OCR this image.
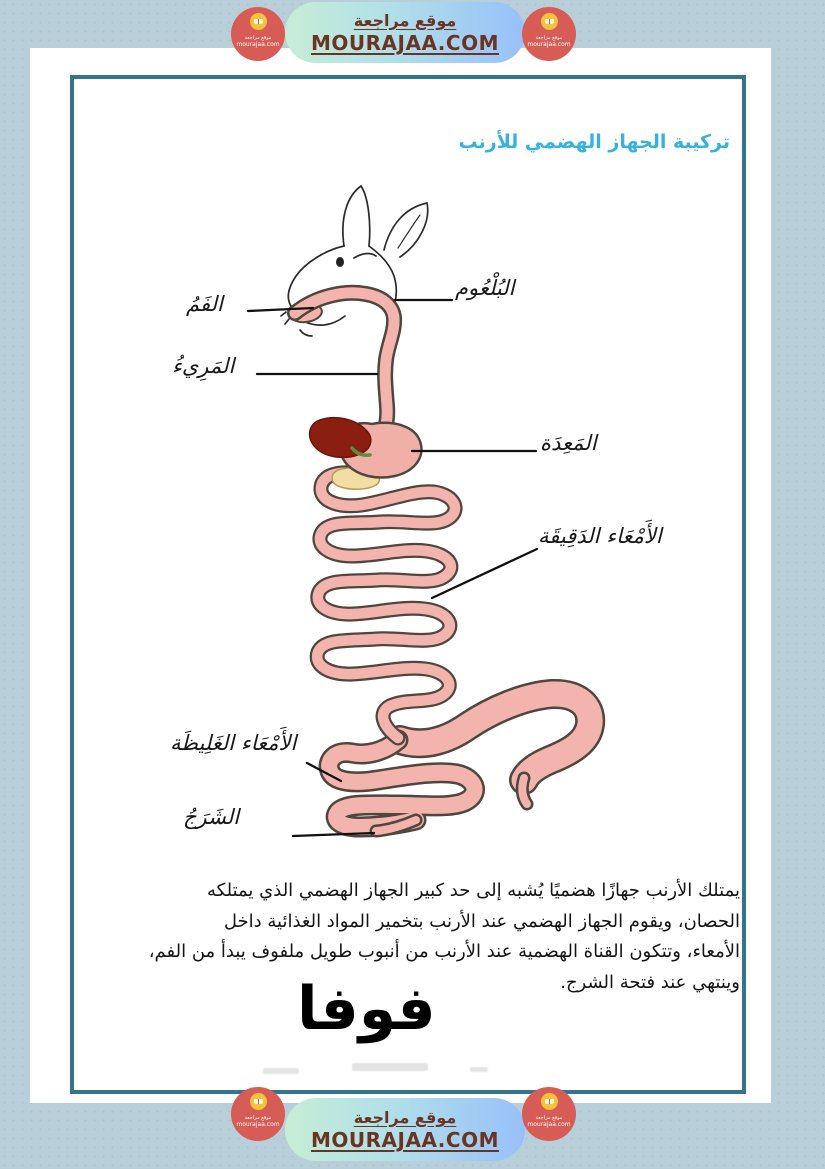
موقع مراجعة
MOURAJAA.COM
موقع مراجعة
mourajaa.com
موقع مراجعة
mourajaa.com
تركيبة الجهاز الهضمي للأرنب
البُلْعُوم
الفَمُ
المَرِيءُ
المَعِدَة
الأَمْعَاء الدَقِيقَة
الأَمْعَاء الغَلِيظَة
الشَرَجُ
يمتلك الأرنب جهازًا هضميًا يُشبه إلى حد كبير الجهاز الهضمي الذي يمتلكه
الحصان، ويقوم الجهاز الهضمي عند الأرنب بتخمير المواد الغذائية داخل
الأمعاء، وتتكون القناة الهضمية عند الأرنب من أنبوب طويل ملفوف يبدأ من الفم،
وينتهي عند فتحة الشرج.
فوفا
موقع مراجعة
MOURAJAA.COM
موقع مراجعة
mourajaa.com
موقع مراجعة
mourajaa.com
